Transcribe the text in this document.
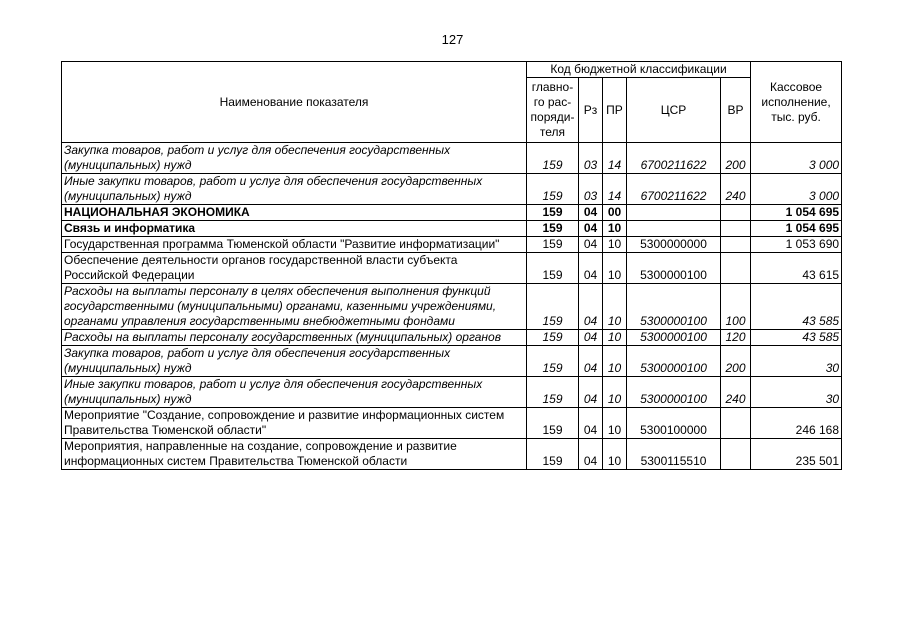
127
Наименование показателя	Код бюджетной классификации					Кассовое исполнение, тыс. руб.
	главно-го рас-поряди-теля	Рз	ПР	ЦСР	ВР	
Закупка товаров, работ и услуг для обеспечения государственных (муниципальных) нужд	159	03	14	6700211622	200	3 000
Иные закупки товаров, работ и услуг для обеспечения государственных (муниципальных) нужд	159	03	14	6700211622	240	3 000
НАЦИОНАЛЬНАЯ ЭКОНОМИКА	159	04	00			1 054 695
Связь и информатика	159	04	10			1 054 695
Государственная программа Тюменской области "Развитие информатизации"	159	04	10	5300000000		1 053 690
Обеспечение деятельности органов государственной власти субъекта Российской Федерации	159	04	10	5300000100		43 615
Расходы на выплаты персоналу в целях обеспечения выполнения функций государственными (муниципальными) органами, казенными учреждениями, органами управления государственными внебюджетными фондами	159	04	10	5300000100	100	43 585
Расходы на выплаты персоналу государственных (муниципальных) органов	159	04	10	5300000100	120	43 585
Закупка товаров, работ и услуг для обеспечения государственных (муниципальных) нужд	159	04	10	5300000100	200	30
Иные закупки товаров, работ и услуг для обеспечения государственных (муниципальных) нужд	159	04	10	5300000100	240	30
Мероприятие "Создание, сопровождение и развитие информационных систем Правительства Тюменской области"	159	04	10	5300100000		246 168
Мероприятия, направленные на создание, сопровождение и развитие информационных систем Правительства Тюменской области	159	04	10	5300115510		235 501
